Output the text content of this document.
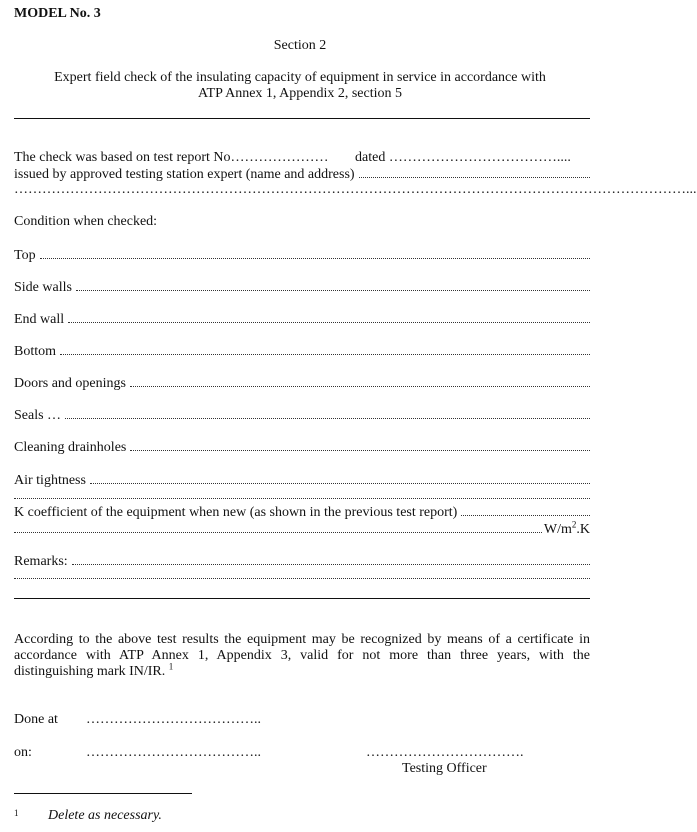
MODEL No. 3
Section 2
Expert field check of the insulating capacity of equipment in service in accordance with
ATP Annex 1, Appendix 2, section 5
The check was based on test report No………………… dated ………………………………....
issued by approved testing station expert (name and address)
………………………………………………………………………………………………………………………………...
Condition when checked:
Top
Side walls
End wall
Bottom
Doors and openings
Seals …
Cleaning drainholes
Air tightness
K coefficient of the equipment when new (as shown in the previous test report)
$W/m^2.K$
Remarks:
According to the above test results the equipment may be recognized by means of a certificate in
accordance with ATP Annex 1, Appendix 3, valid for not more than three years, with the
distinguishing mark IN/IR. $^1$
Done at ………………………………..
on:	………………………………..	…………………………….
Testing Officer
1 Delete as necessary.
